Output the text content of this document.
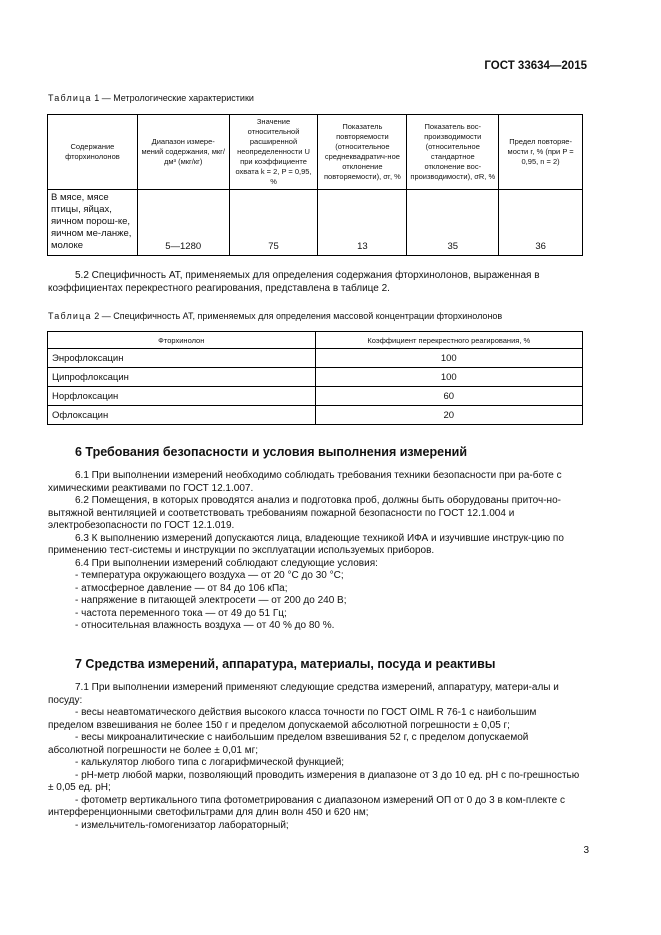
ГОСТ 33634—2015
Таблица 1 — Метрологические характеристики
Содержание фторхинолонов	Диапазон измере-мений содержания, мкг/дм³ (мкг/кг)	Значение относительной расширенной неопределенности U при коэффициенте охвата k = 2, P = 0,95, %	Показатель повторяемости (относительное среднеквадратич-ное отклонение повторяемости), σr, %	Показатель вос-производимости (относительное стандартное отклонение вос-производимости), σR, %	Предел повторяе-мости r, % (при P = 0,95, n = 2)
В мясе, мясе птицы, яйцах, яичном порош-ке, яичном ме-ланже, молоке	5—1280	75	13	35	36

5.2 Специфичность АТ, применяемых для определения содержания фторхинолонов, выраженная в коэффициентах перекрестного реагирования, представлена в таблице 2.

Таблица 2 — Специфичность АТ, применяемых для определения массовой концентрации фторхинолонов
Фторхинолон	Коэффициент перекрестного реагирования, %
Энрофлоксацин	100
Ципрофлоксацин	100
Норфлоксацин	60
Офлоксацин	20
6 Требования безопасности и условия выполнения измерений

6.1 При выполнении измерений необходимо соблюдать требования техники безопасности при ра-боте с химическими реактивами по ГОСТ 12.1.007.

6.2 Помещения, в которых проводятся анализ и подготовка проб, должны быть оборудованы приточ-но-вытяжной вентиляцией и соответствовать требованиям пожарной безопасности по ГОСТ 12.1.004 и электробезопасности по ГОСТ 12.1.019.

6.3 К выполнению измерений допускаются лица, владеющие техникой ИФА и изучившие инструк-цию по применению тест-системы и инструкции по эксплуатации используемых приборов.

6.4 При выполнении измерений соблюдают следующие условия:

- температура окружающего воздуха — от 20 °С до 30 °С;

- атмосферное давление — от 84 до 106 кПа;

- напряжение в питающей электросети — от 200 до 240 В;

- частота переменного тока — от 49 до 51 Гц;

- относительная влажность воздуха — от 40 % до 80 %.

7 Средства измерений, аппаратура, материалы, посуда и реактивы

7.1 При выполнении измерений применяют следующие средства измерений, аппаратуру, матери-алы и посуду:

- весы неавтоматического действия высокого класса точности по ГОСТ OIML R 76-1 с наибольшим пределом взвешивания не более 150 г и пределом допускаемой абсолютной погрешности ± 0,05 г;

- весы микроаналитические с наибольшим пределом взвешивания 52 г, с пределом допускаемой абсолютной погрешности не более ± 0,01 мг;

- калькулятор любого типа с логарифмической функцией;

- рН-метр любой марки, позволяющий проводить измерения в диапазоне от 3 до 10 ед. рН с по-грешностью ± 0,05 ед. рН;

- фотометр вертикального типа фотометрирования с диапазоном измерений ОП от 0 до 3 в ком-плекте с интерференционными светофильтрами для длин волн 450 и 620 нм;

- измельчитель-гомогенизатор лабораторный;

3
